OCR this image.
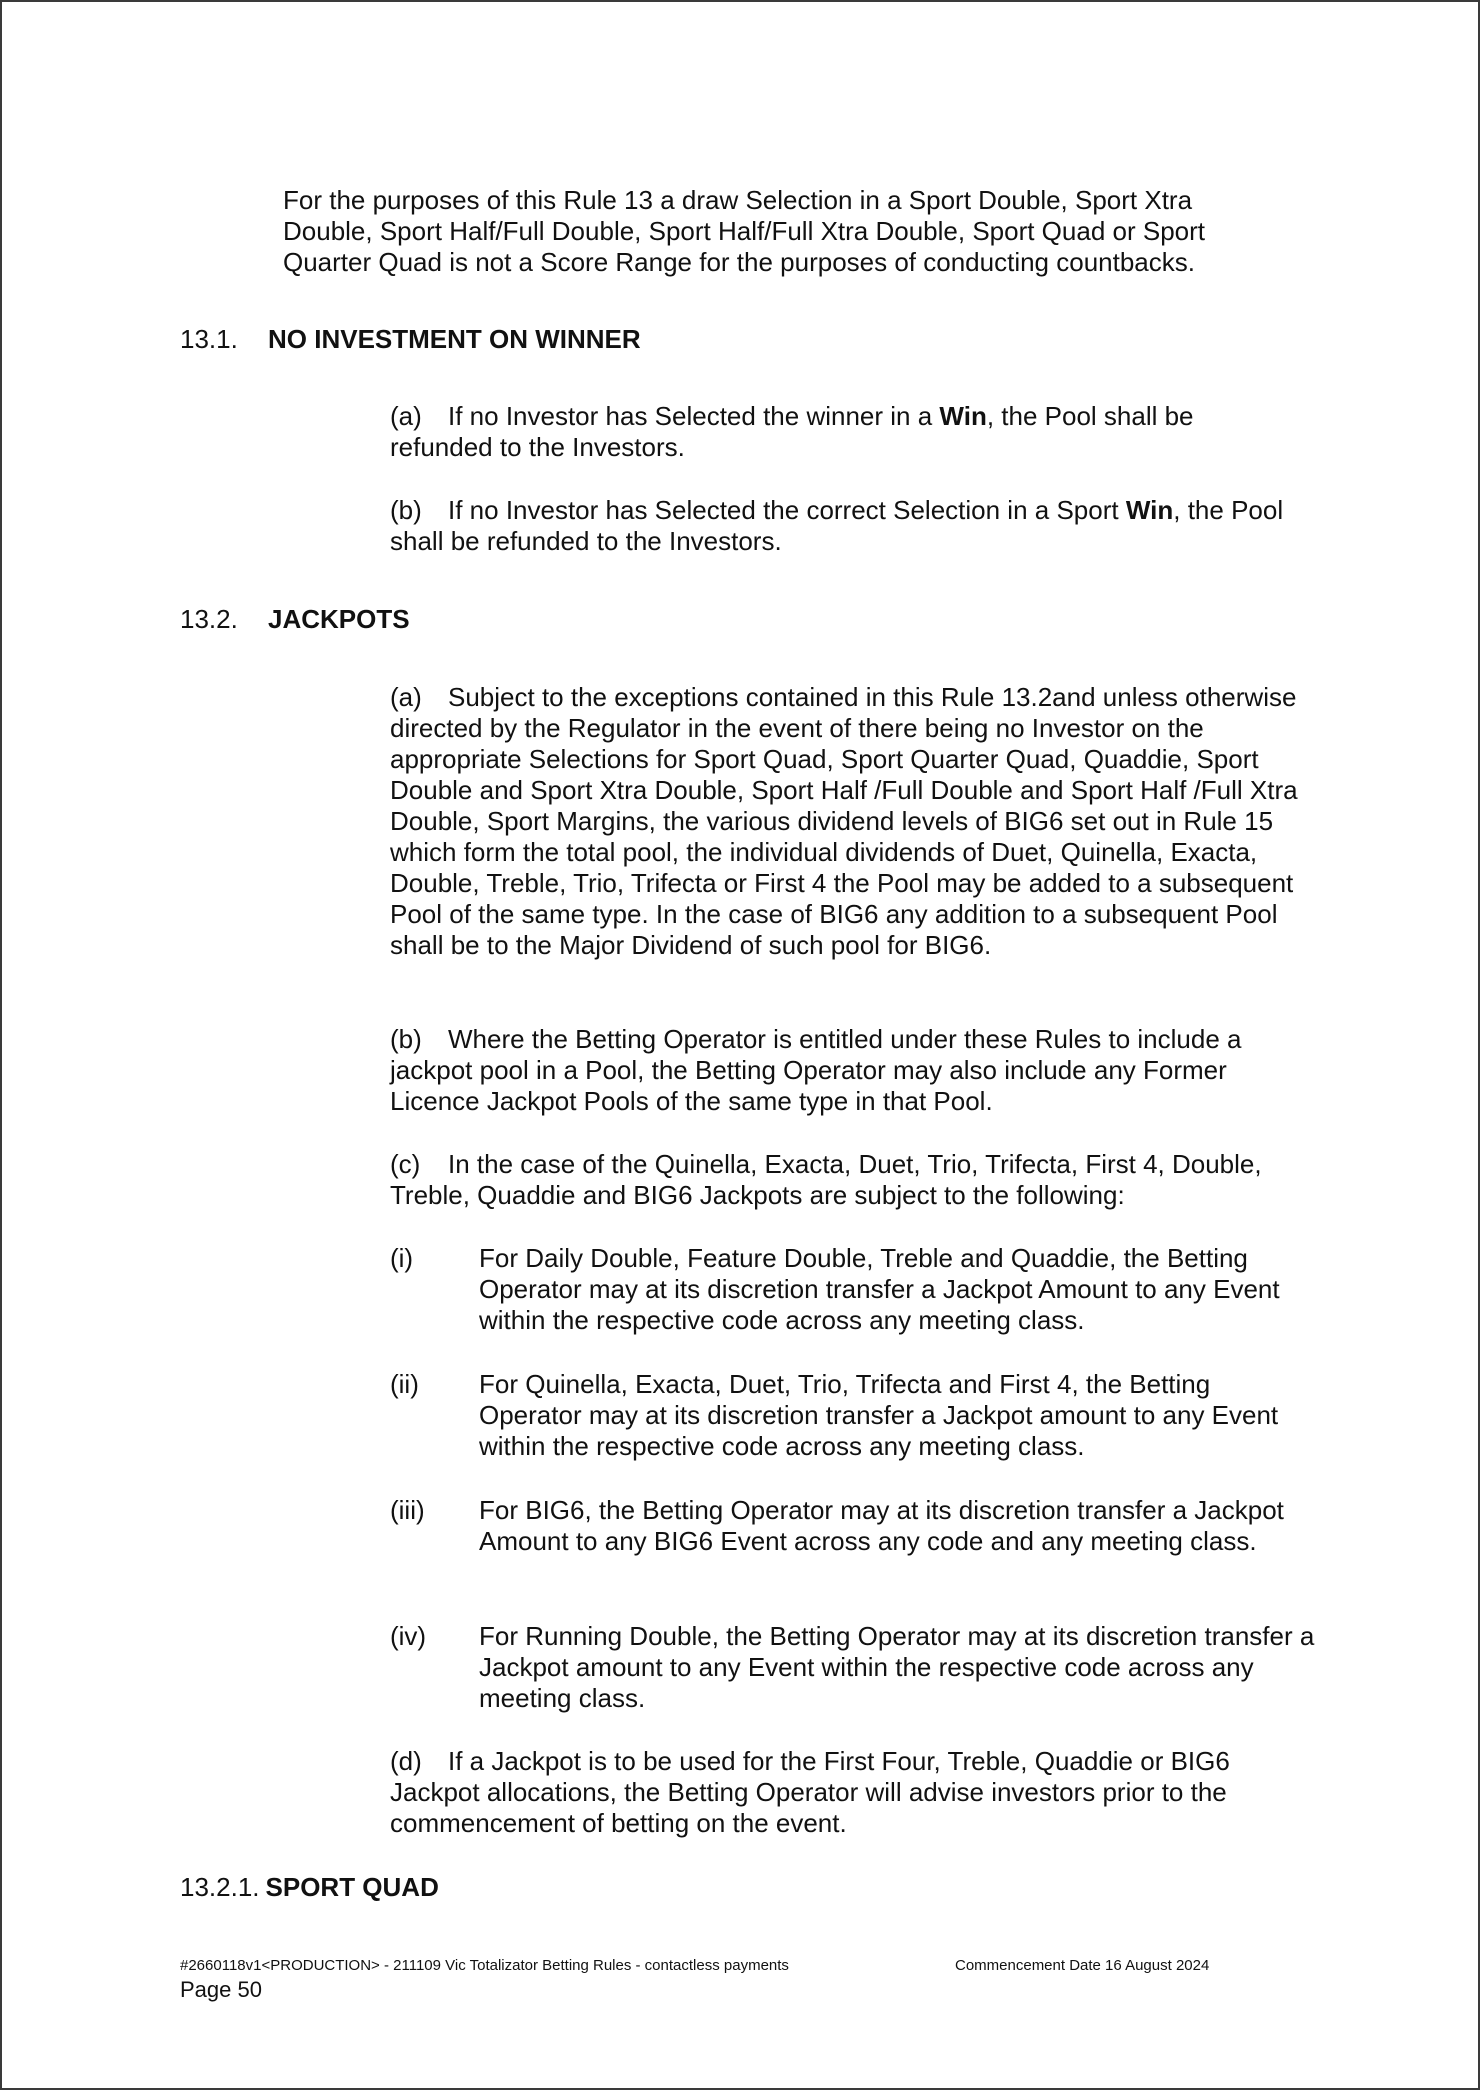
For the purposes of this Rule 13 a draw Selection in a Sport Double, Sport Xtra Double, Sport Half/Full Double, Sport Half/Full Xtra Double, Sport Quad or Sport Quarter Quad is not a Score Range for the purposes of conducting countbacks.

13.1. NO INVESTMENT ON WINNER

(a) If no Investor has Selected the winner in a Win, the Pool shall be refunded to the Investors.

(b) If no Investor has Selected the correct Selection in a Sport Win, the Pool shall be refunded to the Investors.

13.2. JACKPOTS

(a) Subject to the exceptions contained in this Rule 13.2and unless otherwise directed by the Regulator in the event of there being no Investor on the appropriate Selections for Sport Quad, Sport Quarter Quad, Quaddie, Sport Double and Sport Xtra Double, Sport Half /Full Double and Sport Half /Full Xtra Double, Sport Margins, the various dividend levels of BIG6 set out in Rule 15 which form the total pool, the individual dividends of Duet, Quinella, Exacta, Double, Treble, Trio, Trifecta or First 4 the Pool may be added to a subsequent Pool of the same type. In the case of BIG6 any addition to a subsequent Pool shall be to the Major Dividend of such pool for BIG6.

(b) Where the Betting Operator is entitled under these Rules to include a jackpot pool in a Pool, the Betting Operator may also include any Former Licence Jackpot Pools of the same type in that Pool.

(c) In the case of the Quinella, Exacta, Duet, Trio, Trifecta, First 4, Double, Treble, Quaddie and BIG6 Jackpots are subject to the following:

(i)	For Daily Double, Feature Double, Treble and Quaddie, the Betting Operator may at its discretion transfer a Jackpot Amount to any Event within the respective code across any meeting class.
(ii) For Quinella, Exacta, Duet, Trio, Trifecta and First 4, the Betting Operator may at its discretion transfer a Jackpot amount to any Event within the respective code across any meeting class.
(iii) For BIG6, the Betting Operator may at its discretion transfer a Jackpot Amount to any BIG6 Event across any code and any meeting class.
(iv) For Running Double, the Betting Operator may at its discretion transfer a Jackpot amount to any Event within the respective code across any meeting class.

(d) If a Jackpot is to be used for the First Four, Treble, Quaddie or BIG6 Jackpot allocations, the Betting Operator will advise investors prior to the commencement of betting on the event.

13.2.1. SPORT QUAD
#2660118v1<PRODUCTION> - 211109 Vic Totalizator Betting Rules - contactless payments	Commencement Date 16 August 2024
Page 50
